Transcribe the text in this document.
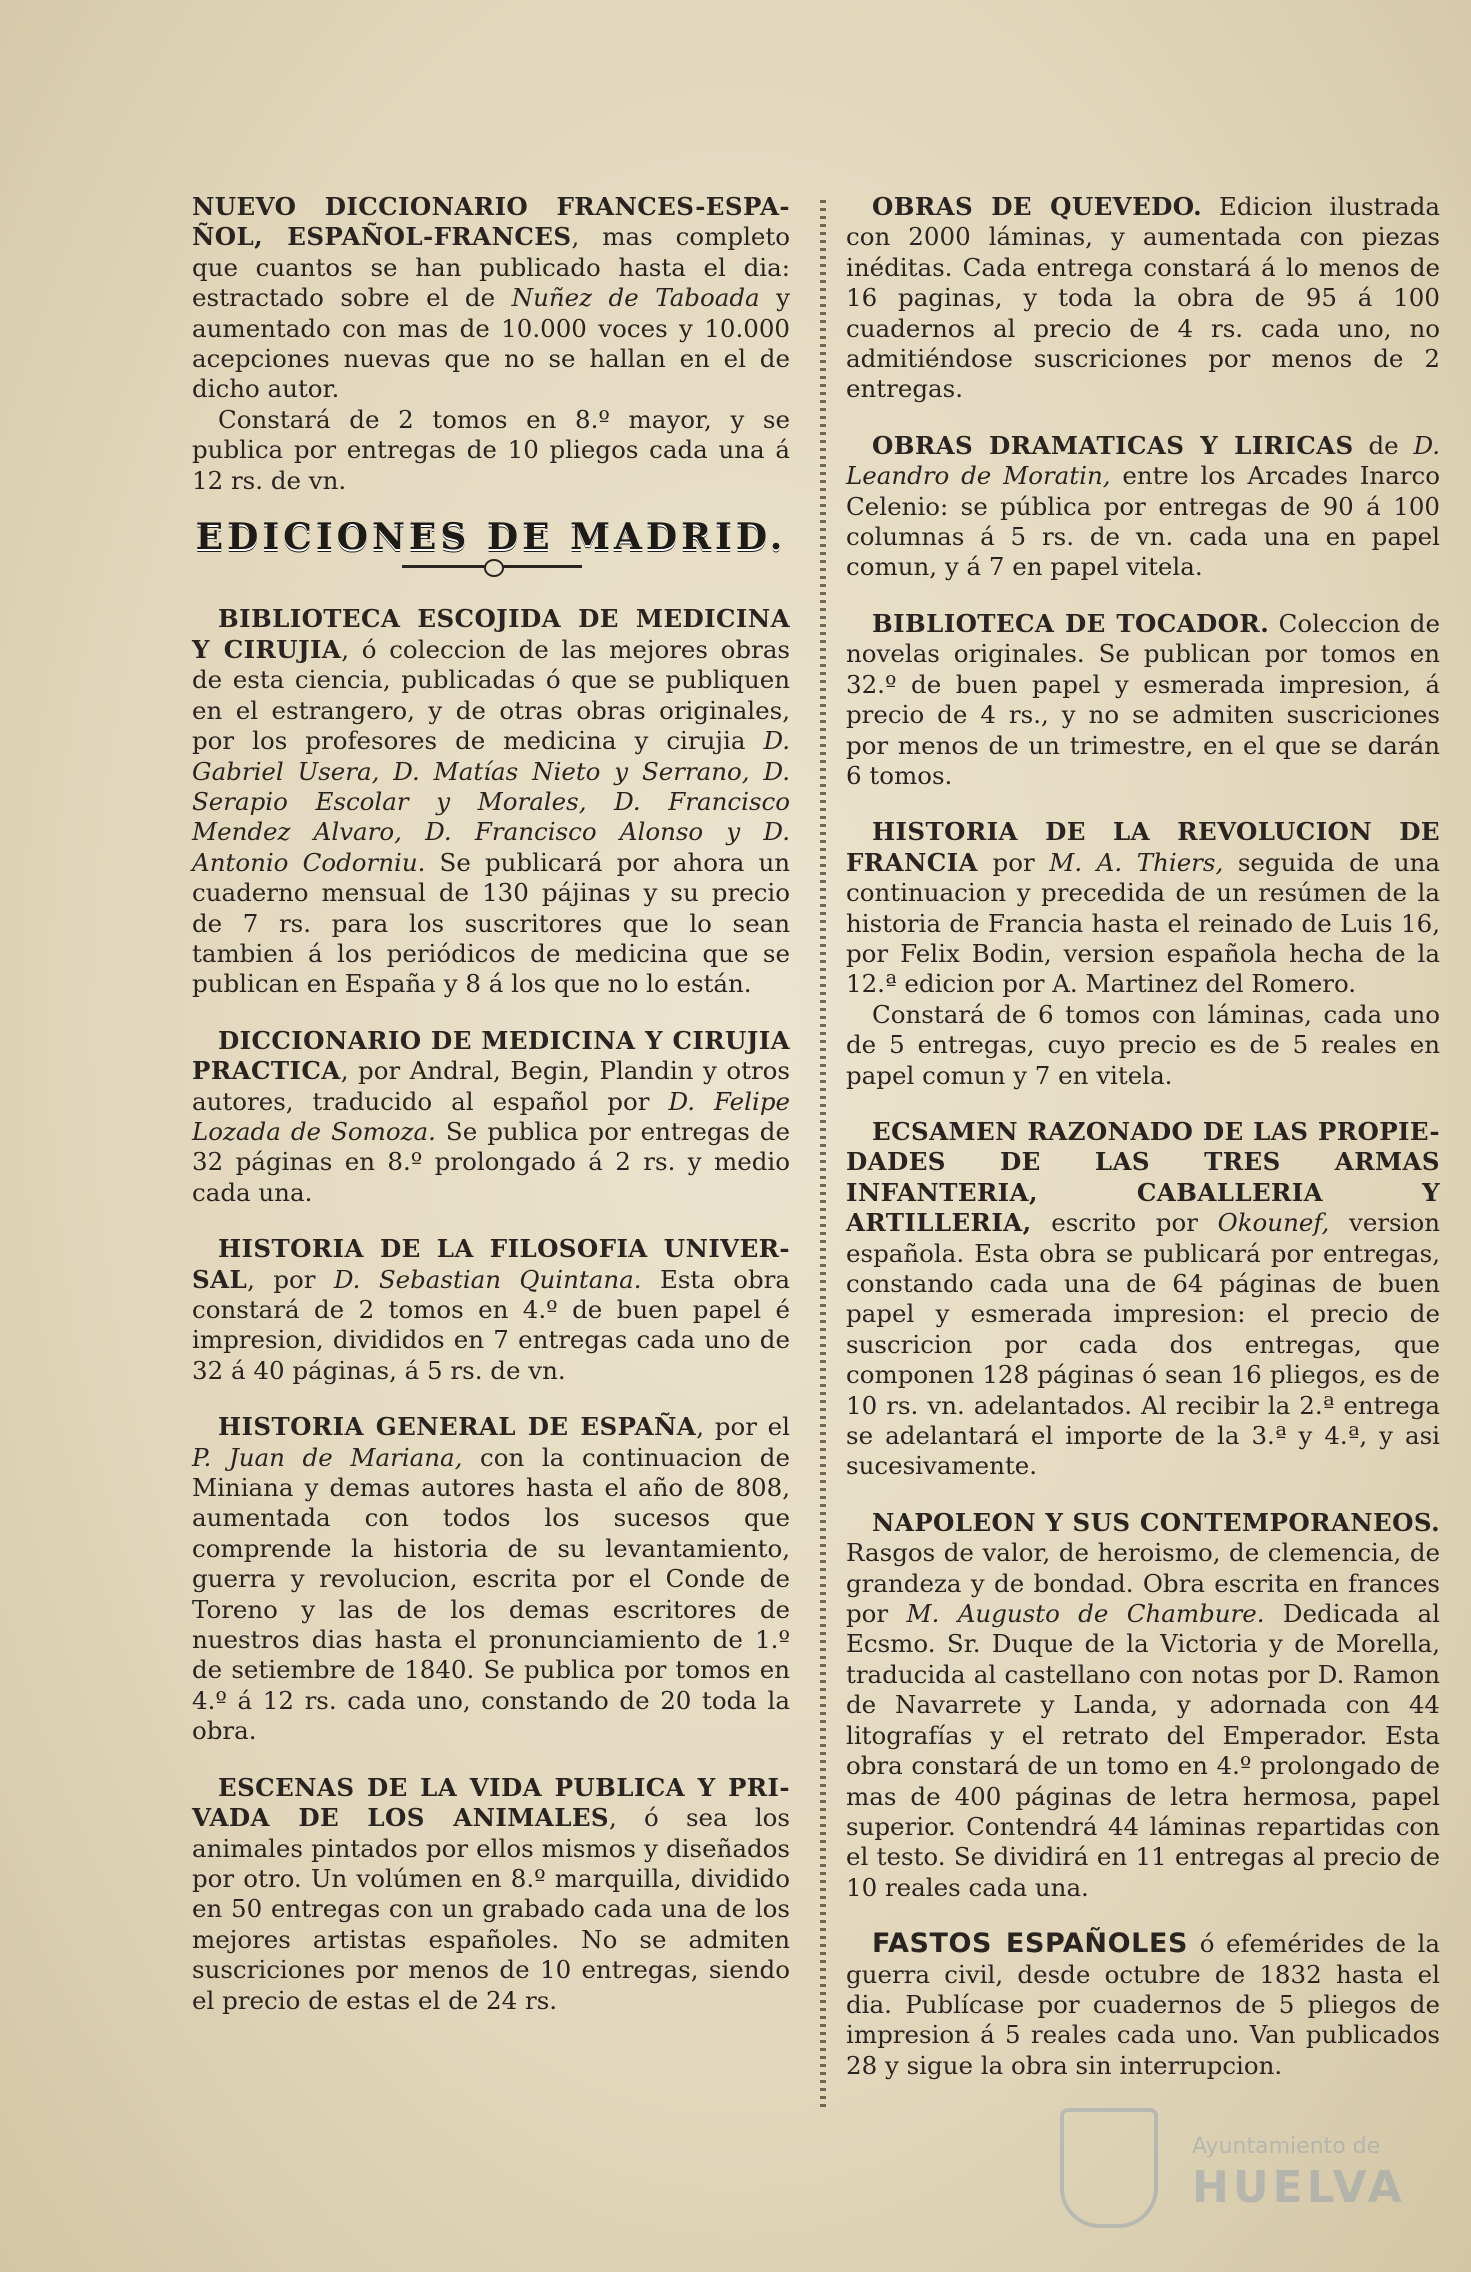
NUEVO DICCIONARIO FRANCES-ESPA-ÑOL, ESPAÑOL-FRANCES, mas completo que cuantos se han publicado hasta el dia: estractado sobre el de Nuñez de Taboada y aumentado con mas de 10.000 voces y 10.000 acepciones nuevas que no se hallan en el de dicho autor.

Constará de 2 tomos en 8.º mayor, y se publica por entregas de 10 pliegos cada una á 12 rs. de vn.

EDICIONES DE MADRID.

BIBLIOTECA ESCOJIDA DE MEDICINA Y CIRUJIA, ó coleccion de las mejores obras de esta ciencia, publicadas ó que se publiquen en el estrangero, y de otras obras originales, por los profesores de medicina y cirujia D. Gabriel Usera, D. Matías Nieto y Serrano, D. Serapio Escolar y Morales, D. Francisco Mendez Alvaro, D. Francisco Alonso y D. Antonio Codorniu. Se publicará por ahora un cuaderno mensual de 130 pájinas y su precio de 7 rs. para los suscritores que lo sean tambien á los periódicos de medicina que se publican en España y 8 á los que no lo están.

DICCIONARIO DE MEDICINA Y CIRUJIA PRACTICA, por Andral, Begin, Plandin y otros autores, traducido al español por D. Felipe Lozada de Somoza. Se publica por entregas de 32 páginas en 8.º prolongado á 2 rs. y medio cada una.

HISTORIA DE LA FILOSOFIA UNIVER-SAL, por D. Sebastian Quintana. Esta obra constará de 2 tomos en 4.º de buen papel é impresion, divididos en 7 entregas cada uno de 32 á 40 páginas, á 5 rs. de vn.

HISTORIA GENERAL DE ESPAÑA, por el P. Juan de Mariana, con la continuacion de Miniana y demas autores hasta el año de 808, aumentada con todos los sucesos que comprende la historia de su levantamiento, guerra y revolucion, escrita por el Conde de Toreno y las de los demas escritores de nuestros dias hasta el pronunciamiento de 1.º de setiembre de 1840. Se publica por tomos en 4.º á 12 rs. cada uno, constando de 20 toda la obra.

ESCENAS DE LA VIDA PUBLICA Y PRI-VADA DE LOS ANIMALES, ó sea los animales pintados por ellos mismos y diseñados por otro. Un volúmen en 8.º marquilla, dividido en 50 entregas con un grabado cada una de los mejores artistas españoles. No se admiten suscriciones por menos de 10 entregas, siendo el precio de estas el de 24 rs.

OBRAS DE QUEVEDO. Edicion ilustrada con 2000 láminas, y aumentada con piezas inéditas. Cada entrega constará á lo menos de 16 paginas, y toda la obra de 95 á 100 cuadernos al precio de 4 rs. cada uno, no admitiéndose suscriciones por menos de 2 entregas.

OBRAS DRAMATICAS Y LIRICAS de D. Leandro de Moratin, entre los Arcades Inarco Celenio: se pública por entregas de 90 á 100 columnas á 5 rs. de vn. cada una en papel comun, y á 7 en papel vitela.

BIBLIOTECA DE TOCADOR. Coleccion de novelas originales. Se publican por tomos en 32.º de buen papel y esmerada impresion, á precio de 4 rs., y no se admiten suscriciones por menos de un trimestre, en el que se darán 6 tomos.

HISTORIA DE LA REVOLUCION DE FRANCIA por M. A. Thiers, seguida de una continuacion y precedida de un resúmen de la historia de Francia hasta el reinado de Luis 16, por Felix Bodin, version española hecha de la 12.ª edicion por A. Martinez del Romero.

Constará de 6 tomos con láminas, cada uno de 5 entregas, cuyo precio es de 5 reales en papel comun y 7 en vitela.

ECSAMEN RAZONADO DE LAS PROPIE-DADES DE LAS TRES ARMAS INFANTERIA, CABALLERIA Y ARTILLERIA, escrito por Okounef, version española. Esta obra se publicará por entregas, constando cada una de 64 páginas de buen papel y esmerada impresion: el precio de suscricion por cada dos entregas, que componen 128 páginas ó sean 16 pliegos, es de 10 rs. vn. adelantados. Al recibir la 2.ª entrega se adelantará el importe de la 3.ª y 4.ª, y asi sucesivamente.

NAPOLEON Y SUS CONTEMPORANEOS. Rasgos de valor, de heroismo, de clemencia, de grandeza y de bondad. Obra escrita en frances por M. Augusto de Chambure. Dedicada al Ecsmo. Sr. Duque de la Victoria y de Morella, traducida al castellano con notas por D. Ramon de Navarrete y Landa, y adornada con 44 litografías y el retrato del Emperador. Esta obra constará de un tomo en 4.º prolongado de mas de 400 páginas de letra hermosa, papel superior. Contendrá 44 láminas repartidas con el testo. Se dividirá en 11 entregas al precio de 10 reales cada una.

FASTOS ESPAÑOLES ó efemérides de la guerra civil, desde octubre de 1832 hasta el dia. Publícase por cuadernos de 5 pliegos de impresion á 5 reales cada uno. Van publicados 28 y sigue la obra sin interrupcion.

Ayuntamiento de
HUELVA
